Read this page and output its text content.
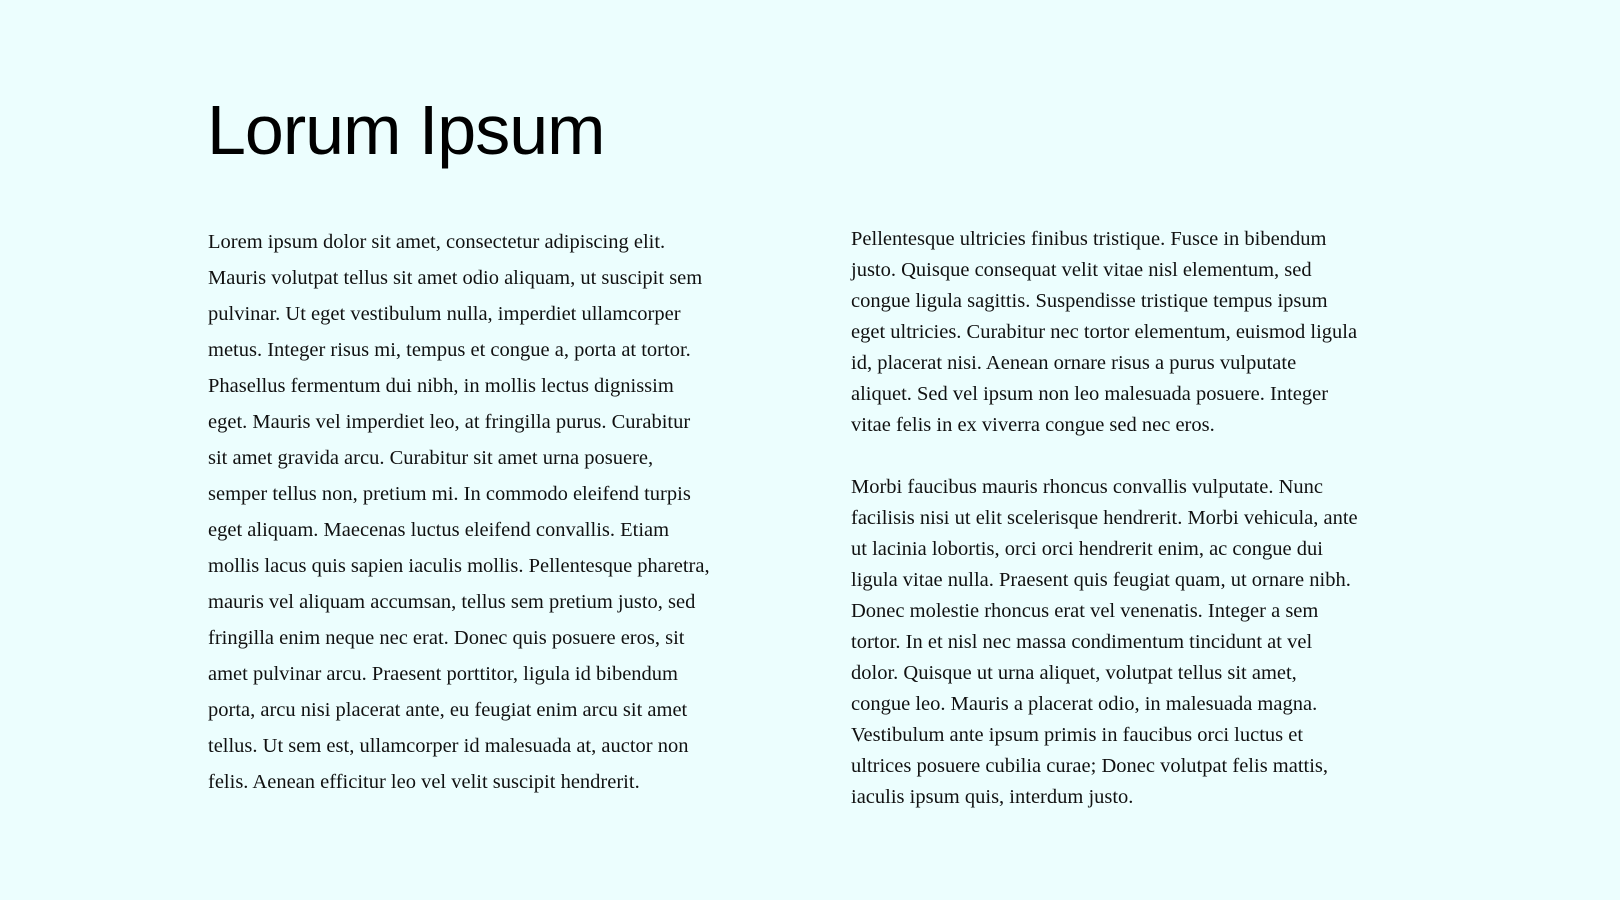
Lorum Ipsum
Lorem ipsum dolor sit amet, consectetur adipiscing elit.
Mauris volutpat tellus sit amet odio aliquam, ut suscipit sem
pulvinar. Ut eget vestibulum nulla, imperdiet ullamcorper
metus. Integer risus mi, tempus et congue a, porta at tortor.
Phasellus fermentum dui nibh, in mollis lectus dignissim
eget. Mauris vel imperdiet leo, at fringilla purus. Curabitur
sit amet gravida arcu. Curabitur sit amet urna posuere,
semper tellus non, pretium mi. In commodo eleifend turpis
eget aliquam. Maecenas luctus eleifend convallis. Etiam
mollis lacus quis sapien iaculis mollis. Pellentesque pharetra,
mauris vel aliquam accumsan, tellus sem pretium justo, sed
fringilla enim neque nec erat. Donec quis posuere eros, sit
amet pulvinar arcu. Praesent porttitor, ligula id bibendum
porta, arcu nisi placerat ante, eu feugiat enim arcu sit amet
tellus. Ut sem est, ullamcorper id malesuada at, auctor non
felis. Aenean efficitur leo vel velit suscipit hendrerit.
Pellentesque ultricies finibus tristique. Fusce in bibendum
justo. Quisque consequat velit vitae nisl elementum, sed
congue ligula sagittis. Suspendisse tristique tempus ipsum
eget ultricies. Curabitur nec tortor elementum, euismod ligula
id, placerat nisi. Aenean ornare risus a purus vulputate
aliquet. Sed vel ipsum non leo malesuada posuere. Integer
vitae felis in ex viverra congue sed nec eros.
Morbi faucibus mauris rhoncus convallis vulputate. Nunc
facilisis nisi ut elit scelerisque hendrerit. Morbi vehicula, ante
ut lacinia lobortis, orci orci hendrerit enim, ac congue dui
ligula vitae nulla. Praesent quis feugiat quam, ut ornare nibh.
Donec molestie rhoncus erat vel venenatis. Integer a sem
tortor. In et nisl nec massa condimentum tincidunt at vel
dolor. Quisque ut urna aliquet, volutpat tellus sit amet,
congue leo. Mauris a placerat odio, in malesuada magna.
Vestibulum ante ipsum primis in faucibus orci luctus et
ultrices posuere cubilia curae; Donec volutpat felis mattis,
iaculis ipsum quis, interdum justo.
